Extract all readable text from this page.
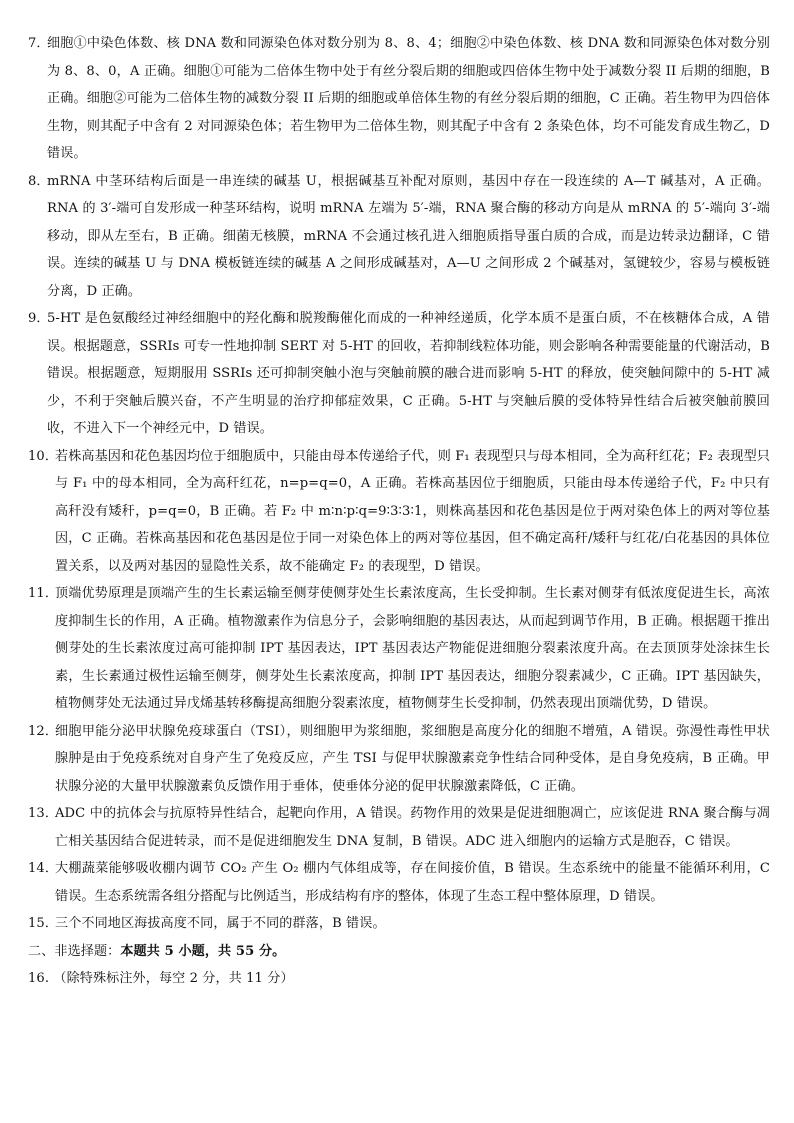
7．
细胞①中染色体数、核 DNA 数和同源染色体对数分别为 8、8、4；细胞②中染色体数、核 DNA 数和同源染色体对数分别为 8、8、0，A 正确。细胞①可能为二倍体生物中处于有丝分裂后期的细胞或四倍体生物中处于减数分裂 II 后期的细胞，B 正确。细胞②可能为二倍体生物的减数分裂 II 后期的细胞或单倍体生物的有丝分裂后期的细胞，C 正确。若生物甲为四倍体生物，则其配子中含有 2 对同源染色体；若生物甲为二倍体生物，则其配子中含有 2 条染色体，均不可能发育成生物乙，D 错误。
8．
mRNA 中茎环结构后面是一串连续的碱基 U，根据碱基互补配对原则，基因中存在一段连续的 A—T 碱基对，A 正确。RNA 的 3′-端可自发形成一种茎环结构，说明 mRNA 左端为 5′-端，RNA 聚合酶的移动方向是从 mRNA 的 5′-端向 3′-端移动，即从左至右，B 正确。细菌无核膜，mRNA 不会通过核孔进入细胞质指导蛋白质的合成，而是边转录边翻译，C 错误。连续的碱基 U 与 DNA 模板链连续的碱基 A 之间形成碱基对，A—U 之间形成 2 个碱基对，氢键较少，容易与模板链分离，D 正确。
9．
5-HT 是色氨酸经过神经细胞中的羟化酶和脱羧酶催化而成的一种神经递质，化学本质不是蛋白质，不在核糖体合成，A 错误。根据题意，SSRIs 可专一性地抑制 SERT 对 5-HT 的回收，若抑制线粒体功能，则会影响各种需要能量的代谢活动，B 错误。根据题意，短期服用 SSRIs 还可抑制突触小泡与突触前膜的融合进而影响 5-HT 的释放，使突触间隙中的 5-HT 减少，不利于突触后膜兴奋，不产生明显的治疗抑郁症效果，C 正确。5-HT 与突触后膜的受体特异性结合后被突触前膜回收，不进入下一个神经元中，D 错误。
10．
若株高基因和花色基因均位于细胞质中，只能由母本传递给子代，则 F₁ 表现型只与母本相同，全为高秆红花；F₂ 表现型只与 F₁ 中的母本相同，全为高秆红花，n=p=q=0，A 正确。若株高基因位于细胞质，只能由母本传递给子代，F₂ 中只有高秆没有矮秆，p=q=0，B 正确。若 F₂ 中 m∶n∶p∶q=9∶3∶3∶1，则株高基因和花色基因是位于两对染色体上的两对等位基因，C 正确。若株高基因和花色基因是位于同一对染色体上的两对等位基因，但不确定高秆/矮秆与红花/白花基因的具体位置关系，以及两对基因的显隐性关系，故不能确定 F₂ 的表现型，D 错误。
11．
顶端优势原理是顶端产生的生长素运输至侧芽使侧芽处生长素浓度高，生长受抑制。生长素对侧芽有低浓度促进生长，高浓度抑制生长的作用，A 正确。植物激素作为信息分子，会影响细胞的基因表达，从而起到调节作用，B 正确。根据题干推出侧芽处的生长素浓度过高可能抑制 IPT 基因表达，IPT 基因表达产物能促进细胞分裂素浓度升高。在去顶顶芽处涂抹生长素，生长素通过极性运输至侧芽，侧芽处生长素浓度高，抑制 IPT 基因表达，细胞分裂素减少，C 正确。IPT 基因缺失，植物侧芽处无法通过异戊烯基转移酶提高细胞分裂素浓度，植物侧芽生长受抑制，仍然表现出顶端优势，D 错误。
12．
细胞甲能分泌甲状腺免疫球蛋白（TSI），则细胞甲为浆细胞，浆细胞是高度分化的细胞不增殖，A 错误。弥漫性毒性甲状腺肿是由于免疫系统对自身产生了免疫反应，产生 TSI 与促甲状腺激素竞争性结合同种受体，是自身免疫病，B 正确。甲状腺分泌的大量甲状腺激素负反馈作用于垂体，使垂体分泌的促甲状腺激素降低，C 正确。
13．
ADC 中的抗体会与抗原特异性结合，起靶向作用，A 错误。药物作用的效果是促进细胞凋亡，应该促进 RNA 聚合酶与凋亡相关基因结合促进转录，而不是促进细胞发生 DNA 复制，B 错误。ADC 进入细胞内的运输方式是胞吞，C 错误。
14．
大棚蔬菜能够吸收棚内调节 CO₂ 产生 O₂ 棚内气体组成等，存在间接价值，B 错误。生态系统中的能量不能循环利用，C 错误。生态系统需各组分搭配与比例适当，形成结构有序的整体，体现了生态工程中整体原理，D 错误。
15．
三个不同地区海拔高度不同，属于不同的群落，B 错误。
二、非选择题：本题共 5 小题，共 55 分。
16. （除特殊标注外，每空 2 分，共 11 分）
